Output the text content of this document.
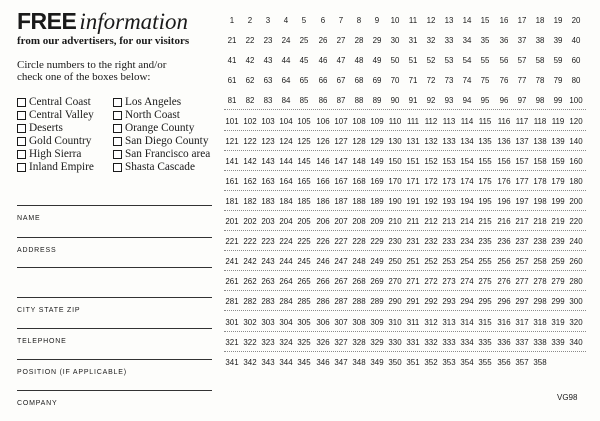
FREE information
from our advertisers, for our visitors
Circle numbers to the right and/or check one of the boxes below:
Central Coast
Central Valley
Deserts
Gold Country
High Sierra
Inland Empire
Los Angeles
North Coast
Orange County
San Diego County
San Francisco area
Shasta Cascade
NAME
ADDRESS
CITY STATE ZIP
TELEPHONE
POSITION (IF APPLICABLE)
COMPANY
1	2	3	4	5	6	7	8	9	10	11	12	13	14	15	16	17	18	19	20
21	22	23	24	25	26	27	28	29	30	31	32	33	34	35	36	37	38	39	40
41	42	43	44	45	46	47	48	49	50	51	52	53	54	55	56	57	58	59	60
61	62	63	64	65	66	67	68	69	70	71	72	73	74	75	76	77	78	79	80
81	82	83	84	85	86	87	88	89	90	91	92	93	94	95	96	97	98	99 100
101 102 103 104 105 106 107 108 109 110 111 112 113 114 115 116 117 118 119 120
121 122 123 124 125 126 127 128 129 130 131 132 133 134 135 136 137 138 139 140
141 142 143 144 145 146 147 148 149 150 151 152 153 154 155 156 157 158 159 160
161 162 163 164 165 166 167 168 169 170 171 172 173 174 175 176 177 178 179 180
181 182 183 184 185 186 187 188 189 190 191 192 193 194 195 196 197 198 199 200
201 202 203 204 205 206 207 208 209 210 211 212 213 214 215 216 217 218 219 220
221 222 223 224 225 226 227 228 229 230 231 232 233 234 235 236 237 238 239 240
241 242 243 244 245 246 247 248 249 250 251 252 253 254 255 256 257 258 259 260
261 262 263 264 265 266 267 268 269 270 271 272 273 274 275 276 277 278 279 280
281 282 283 284 285 286 287 288 289 290 291 292 293 294 295 296 297 298 299 300
301 302 303 304 305 306 307 308 309 310 311 312 313 314 315 316 317 318 319 320
321 322 323 324 325 326 327 328 329 330 331 332 333 334 335 336 337 338 339 340
341 342 343 344 345 346 347 348 349 350 351 352 353 354 355 356 357 358
VG98
